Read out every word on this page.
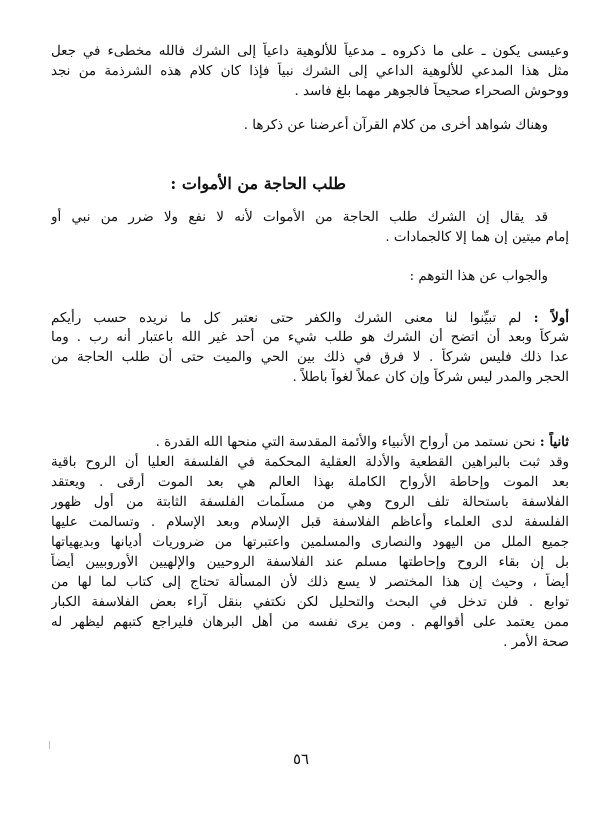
وعيسى يكون ـ على ما ذكروه ـ مدعياً للألوهية داعياً إلى الشرك فالله مخطىء في جعل
مثل هذا المدعي للألوهية الداعي إلى الشرك نبياً فإذا كان كلام هذه الشرذمة من نجد
ووحوش الصحراء صحيحاً فالجوهر مهما بلغ فاسد .
وهناك شواهد أخرى من كلام القرآن أعرضنا عن ذكرها .
طلب الحاجة من الأموات :
قد يقال إن الشرك طلب الحاجة من الأموات لأنه لا نفع ولا ضرر من نبي أو
إمام ميتين إن هما إلا كالجمادات .
والجواب عن هذا التوهم :
أولاً : لم تبيِّنوا لنا معنى الشرك والكفر حتى نعتبر كل ما نريده حسب رأيكم
شركاً وبعد أن اتضح أن الشرك هو طلب شيء من أحد غير الله باعتبار أنه رب . وما
عدا ذلك فليس شركاً . لا فرق في ذلك بين الحي والميت حتى أن طلب الحاجة من
الحجر والمدر ليس شركاً وإن كان عملاً لغواً باطلاً .
ثانياً : نحن نستمد من أرواح الأنبياء والأئمة المقدسة التي منحها الله القدرة .
وقد ثبت بالبراهين القطعية والأدلة العقلية المحكمة في الفلسفة العليا أن الروح باقية
بعد الموت وإحاطة الأرواح الكاملة بهذا العالم هي بعد الموت أرقى . ويعتقد
الفلاسفة باستحالة تلف الروح وهي من مسلّمات الفلسفة الثابتة من أول ظهور
الفلسفة لدى العلماء وأعاظم الفلاسفة قبل الإسلام وبعد الإسلام . وتسالمت عليها
جميع الملل من اليهود والنصارى والمسلمين واعتبرتها من ضروريات أديانها وبديهياتها
بل إن بقاء الروح وإحاطتها مسلم عند الفلاسفة الروحيين والإلهيين الأوروبيين أيضاً
أيضاً ، وحيث إن هذا المختصر لا يسع ذلك لأن المسألة تحتاج إلى كتاب لما لها من
توابع . فلن تدخل في البحث والتحليل لكن نكتفي بنقل آراء بعض الفلاسفة الكبار
ممن يعتمد على أقوالهم . ومن يرى نفسه من أهل البرهان فليراجع كتبهم ليظهر له
صحة الأمر .
٥٦
